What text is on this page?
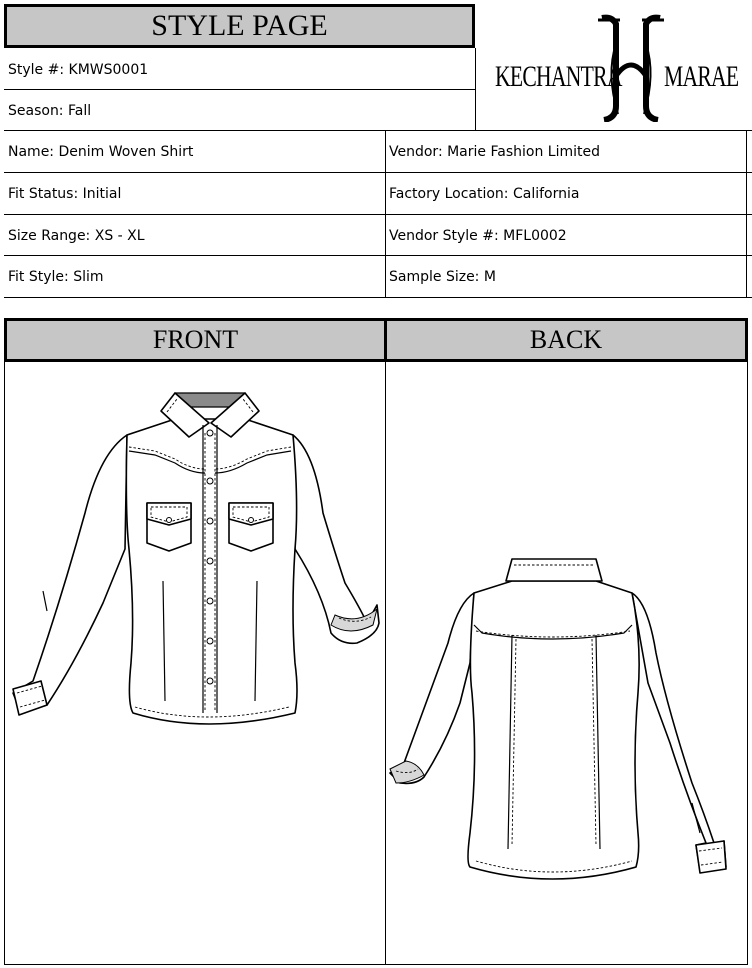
STYLE PAGE
KECHANTRA MARAE
Style #: KMWS0001
Season: Fall
Name: Denim Woven Shirt	Vendor: Marie Fashion Limited
Fit Status: Initial	Factory Location: California
Size Range: XS - XL	Vendor Style #: MFL0002
Fit Style: Slim	Sample Size: M
FRONT	BACK
